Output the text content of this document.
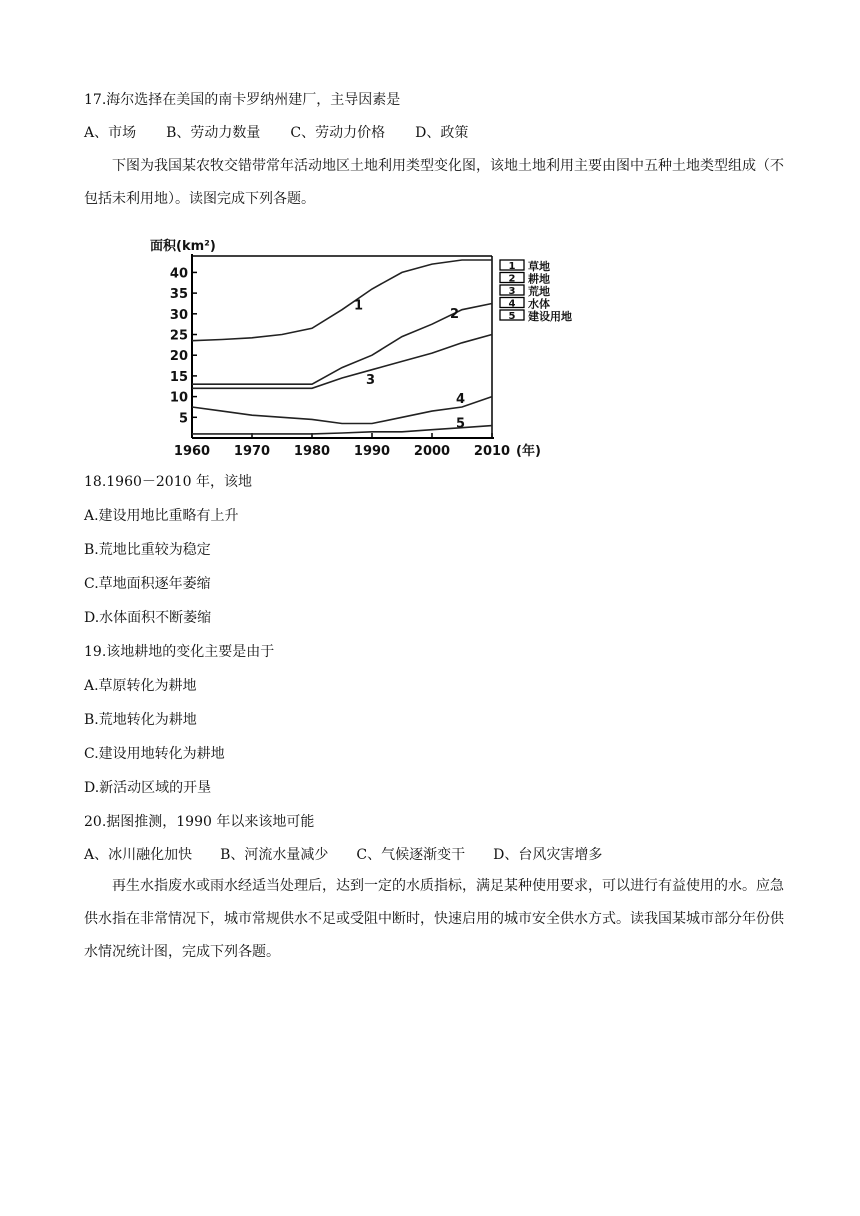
17.海尔选择在美国的南卡罗纳州建厂，主导因素是
A、市场 B、劳动力数量 C、劳动力价格 D、政策
下图为我国某农牧交错带常年活动地区土地利用类型变化图，该地土地利用主要由图中五种土地类型组成（不包括未利用地）。读图完成下列各题。
面积(km²)
5
10
15
20
25
30
35
40
1960 1970 1980 1990 2000 2010 (年)
1
2
3
4
5
1 草地
2 耕地
3 荒地
4 水体
5 建设用地
18.1960－2010 年，该地
A.建设用地比重略有上升
B.荒地比重较为稳定
C.草地面积逐年萎缩
D.水体面积不断萎缩
19.该地耕地的变化主要是由于
A.草原转化为耕地
B.荒地转化为耕地
C.建设用地转化为耕地
D.新活动区域的开垦
20.据图推测，1990 年以来该地可能
A、冰川融化加快 B、河流水量减少 C、气候逐渐变干 D、台风灾害增多
再生水指废水或雨水经适当处理后，达到一定的水质指标，满足某种使用要求，可以进行有益使用的水。应急供水指在非常情况下，城市常规供水不足或受阻中断时，快速启用的城市安全供水方式。读我国某城市部分年份供水情况统计图，完成下列各题。
